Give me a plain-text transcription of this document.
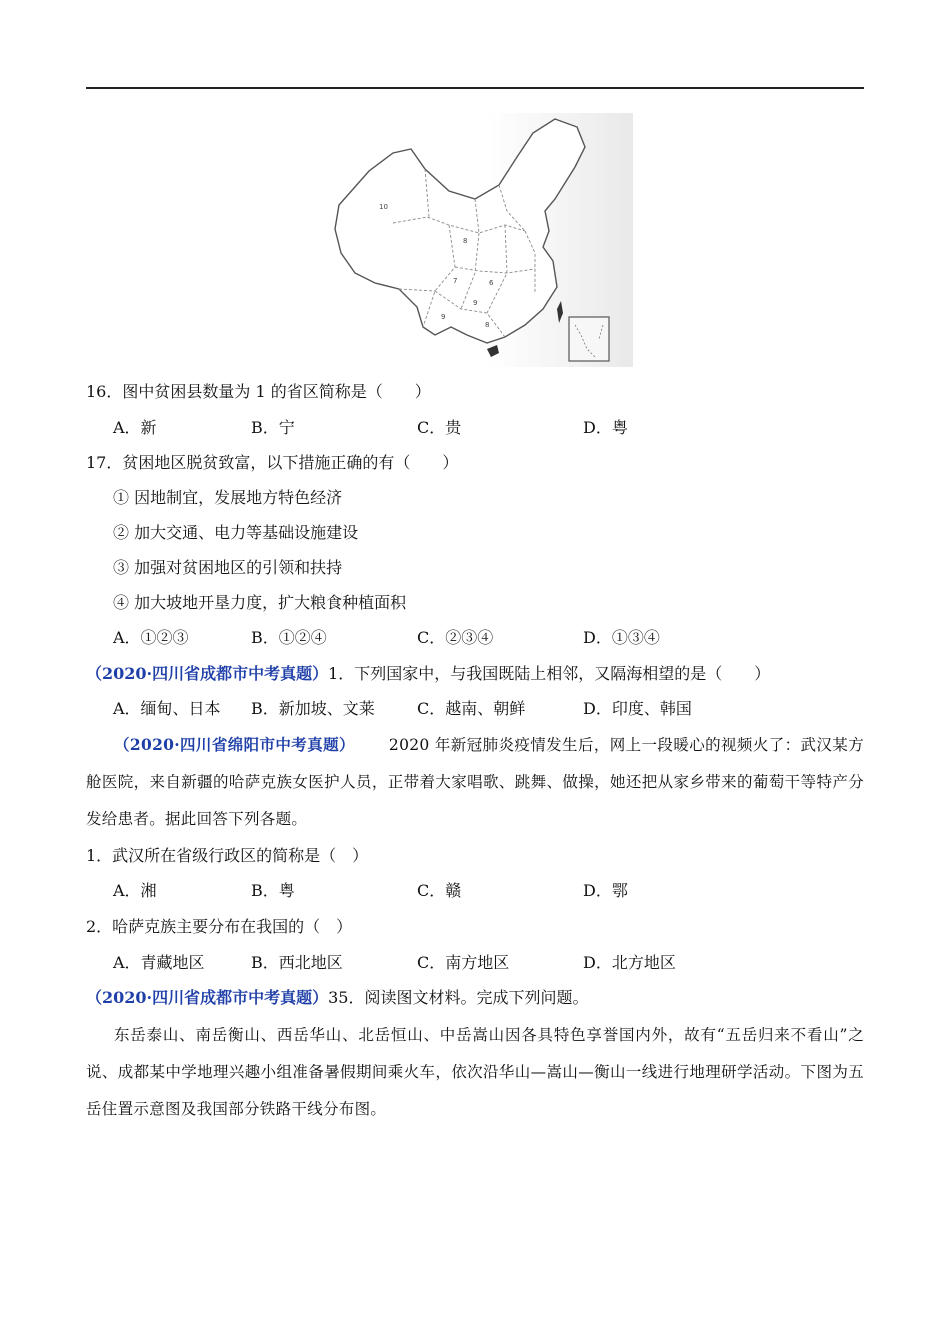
10
8
7	6
9
9
8
16．图中贫困县数量为 1 的省区简称是（　　）
A．新	B．宁	C．贵	D．粤
17．贫困地区脱贫致富，以下措施正确的有（　　）
① 因地制宜，发展地方特色经济
② 加大交通、电力等基础设施建设
③ 加强对贫困地区的引领和扶持
④ 加大坡地开垦力度，扩大粮食种植面积
A．①②③	B．①②④	C．②③④	D．①③④
（2020·四川省成都市中考真题）1．下列国家中，与我国既陆上相邻，又隔海相望的是（　　）
A．缅甸、日本 B．新加坡、文莱	C．越南、朝鲜	D．印度、韩国
（2020·四川省绵阳市中考真题） 2020 年新冠肺炎疫情发生后，网上一段暖心的视频火了：武汉某方舱医院，来自新疆的哈萨克族女医护人员，正带着大家唱歌、跳舞、做操，她还把从家乡带来的葡萄干等特产分发给患者。据此回答下列各题。
1．武汉所在省级行政区的简称是（　）
A．湘	B．粤	C．赣	D．鄂
2．哈萨克族主要分布在我国的（　）
A．青藏地区	B．西北地区	C．南方地区	D．北方地区
（2020·四川省成都市中考真题）35．阅读图文材料。完成下列问题。
东岳泰山、南岳衡山、西岳华山、北岳恒山、中岳嵩山因各具特色享誉国内外，故有“五岳归来不看山”之说、成都某中学地理兴趣小组准备暑假期间乘火车，依次沿华山—嵩山—衡山一线进行地理研学活动。下图为五岳住置示意图及我国部分铁路干线分布图。
